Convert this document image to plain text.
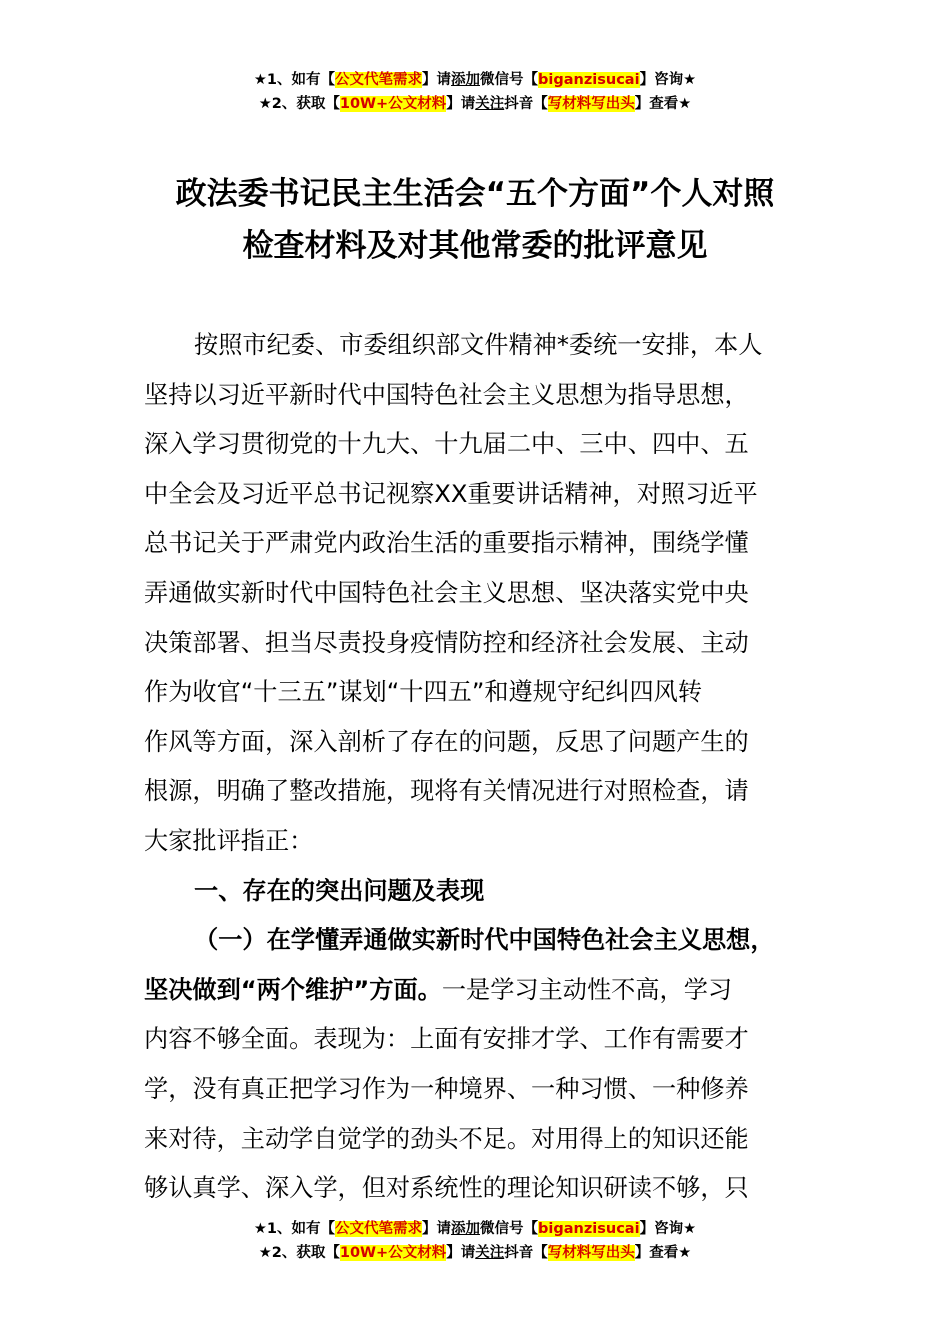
★1、如有【公文代笔需求】请添加微信号【biganzisucai】咨询★
★2、获取【10W+公文材料】请关注抖音【写材料写出头】查看★
政法委书记民主生活会“五个方面”个人对照
检查材料及对其他常委的批评意见
按照市纪委、市委组织部文件精神*委统一安排，本人
坚持以习近平新时代中国特色社会主义思想为指导思想，
深入学习贯彻党的十九大、十九届二中、三中、四中、五
中全会及习近平总书记视察XX重要讲话精神，对照习近平
总书记关于严肃党内政治生活的重要指示精神，围绕学懂
弄通做实新时代中国特色社会主义思想、坚决落实党中央
决策部署、担当尽责投身疫情防控和经济社会发展、主动
作为收官“十三五”谋划“十四五”和遵规守纪纠四风转
作风等方面，深入剖析了存在的问题，反思了问题产生的
根源，明确了整改措施，现将有关情况进行对照检查，请
大家批评指正：
一、存在的突出问题及表现
（一）在学懂弄通做实新时代中国特色社会主义思想，
坚决做到“两个维护”方面。一是学习主动性不高，学习
内容不够全面。表现为：上面有安排才学、工作有需要才
学，没有真正把学习作为一种境界、一种习惯、一种修养
来对待，主动学自觉学的劲头不足。对用得上的知识还能
够认真学、深入学，但对系统性的理论知识研读不够，只
★1、如有【公文代笔需求】请添加微信号【biganzisucai】咨询★
★2、获取【10W+公文材料】请关注抖音【写材料写出头】查看★
